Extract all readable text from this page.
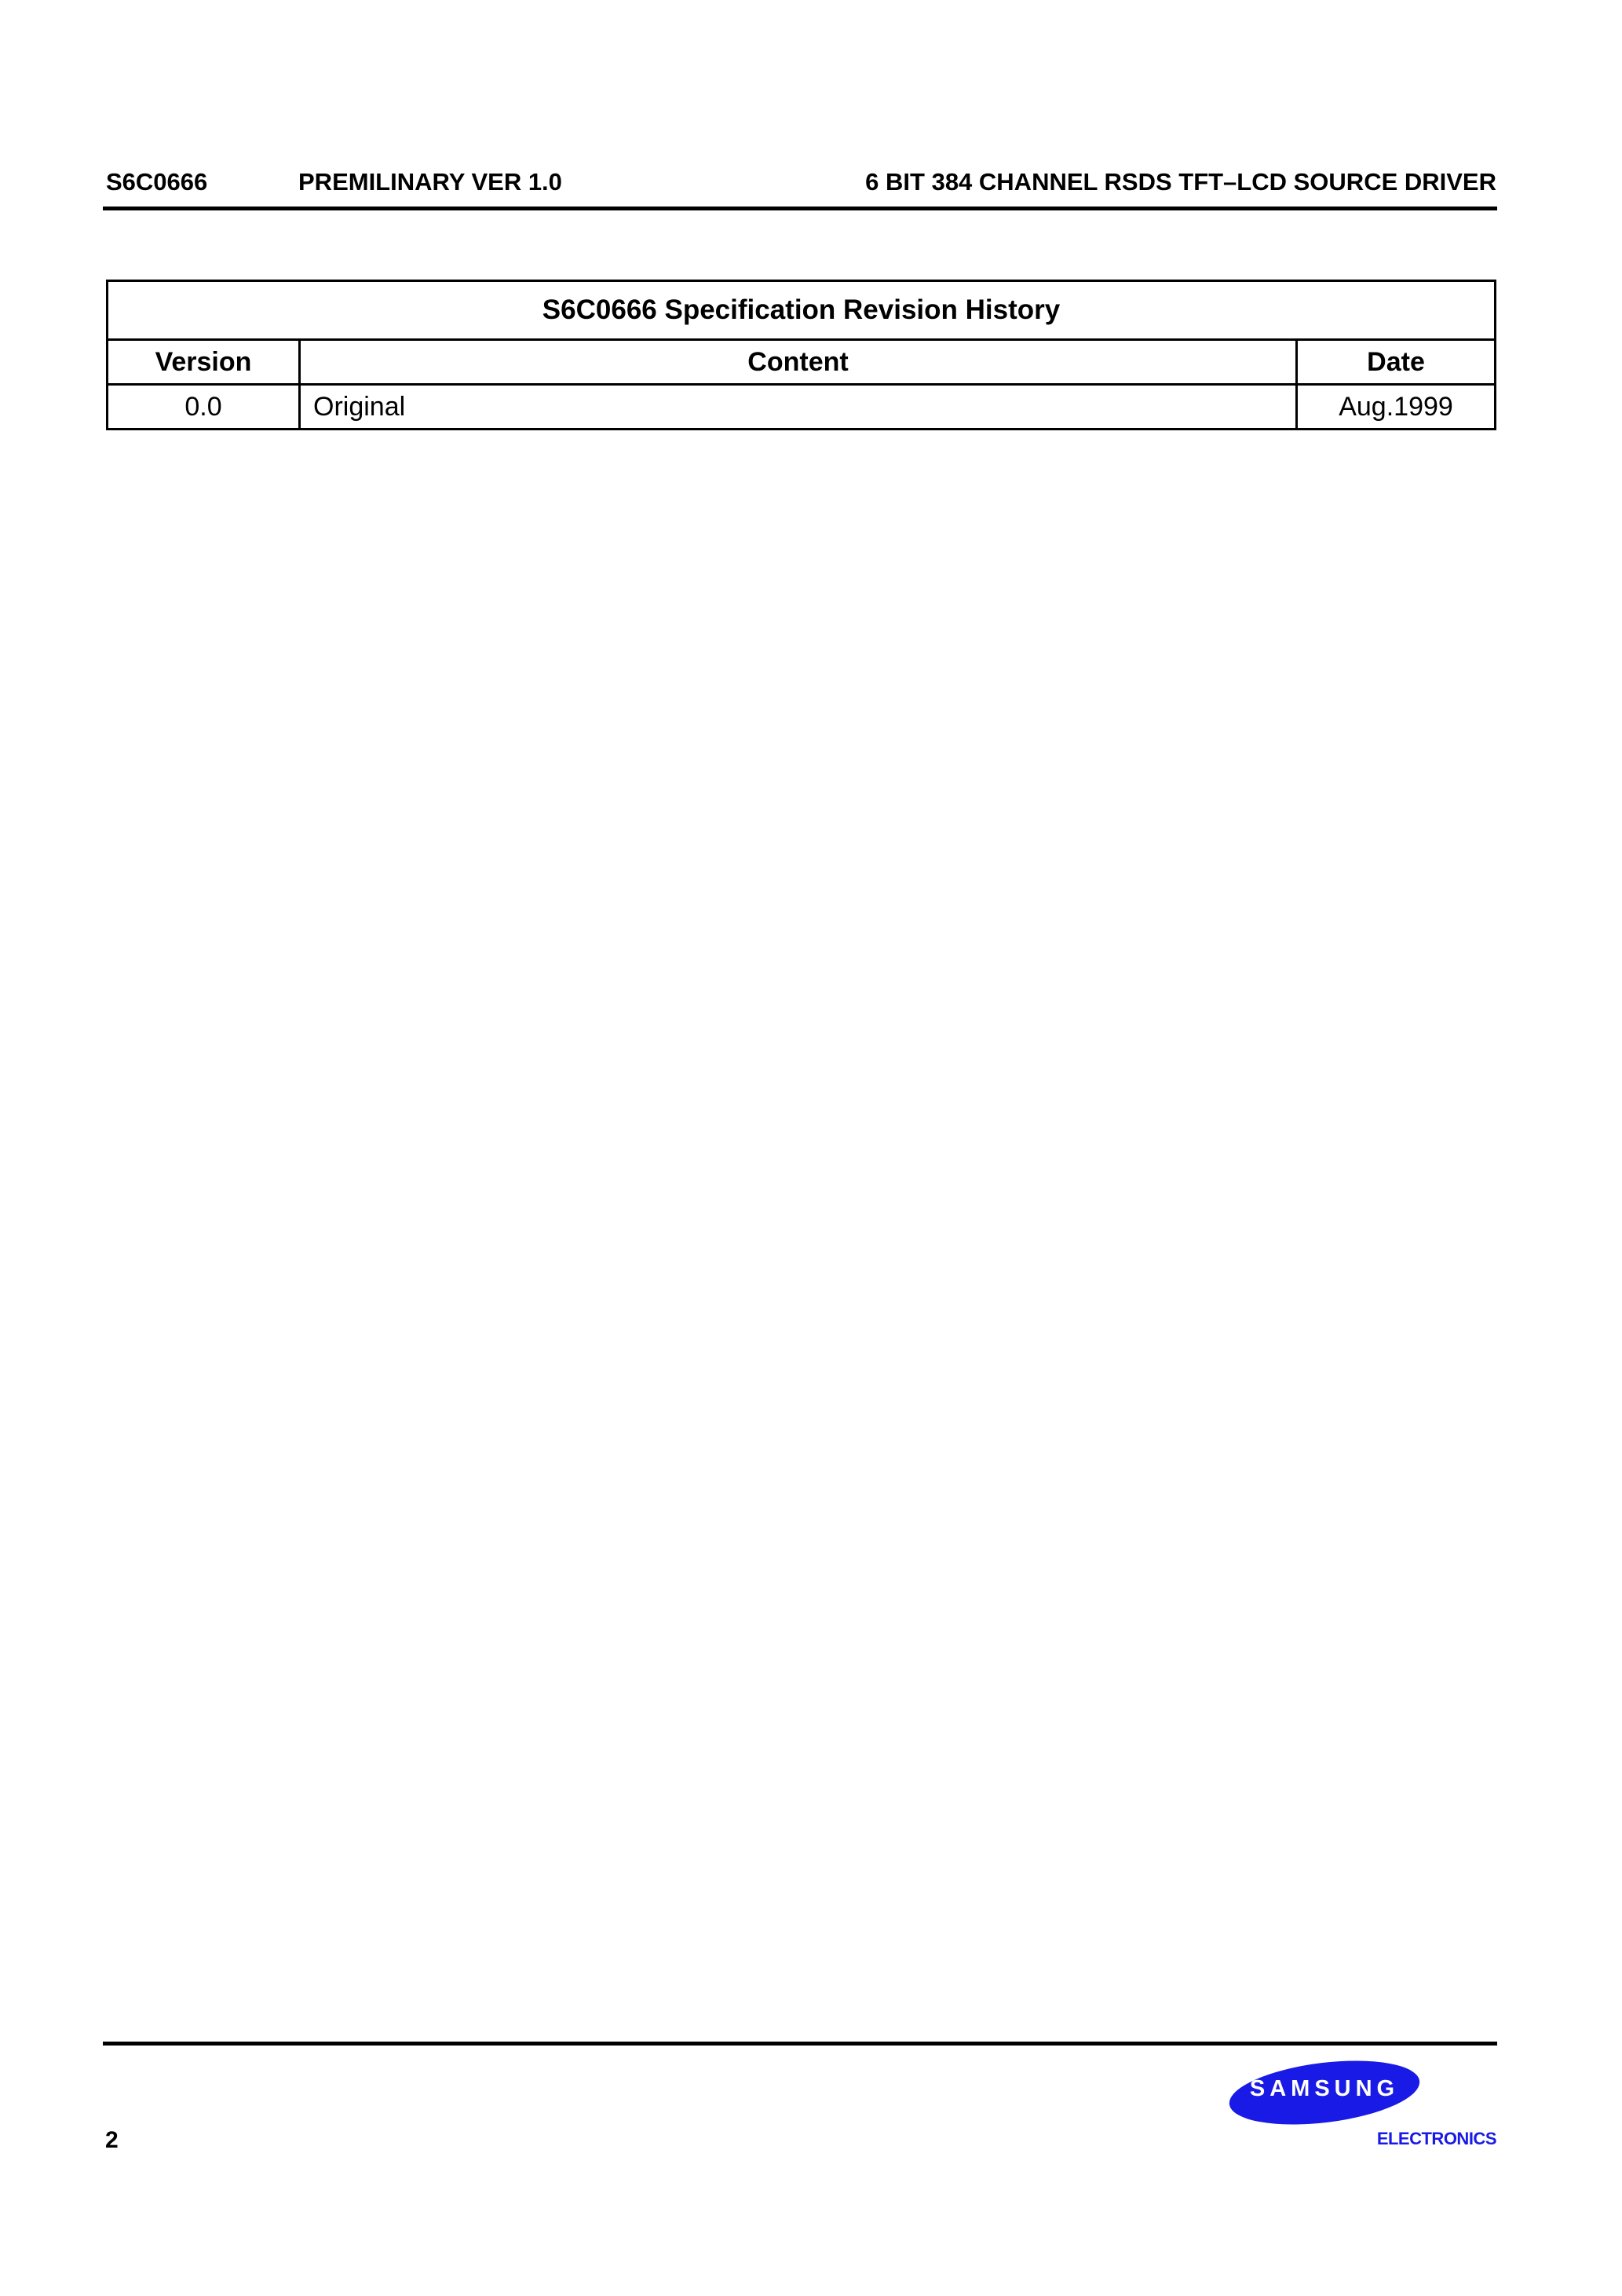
S6C0666	PREMILINARY VER 1.0	6 BIT 384 CHANNEL RSDS TFT–LCD SOURCE DRIVER
S6C0666 Specification Revision History		
Version	Content	Date
0.0	Original	Aug.1999
2
SAMSUNG
ELECTRONICS
